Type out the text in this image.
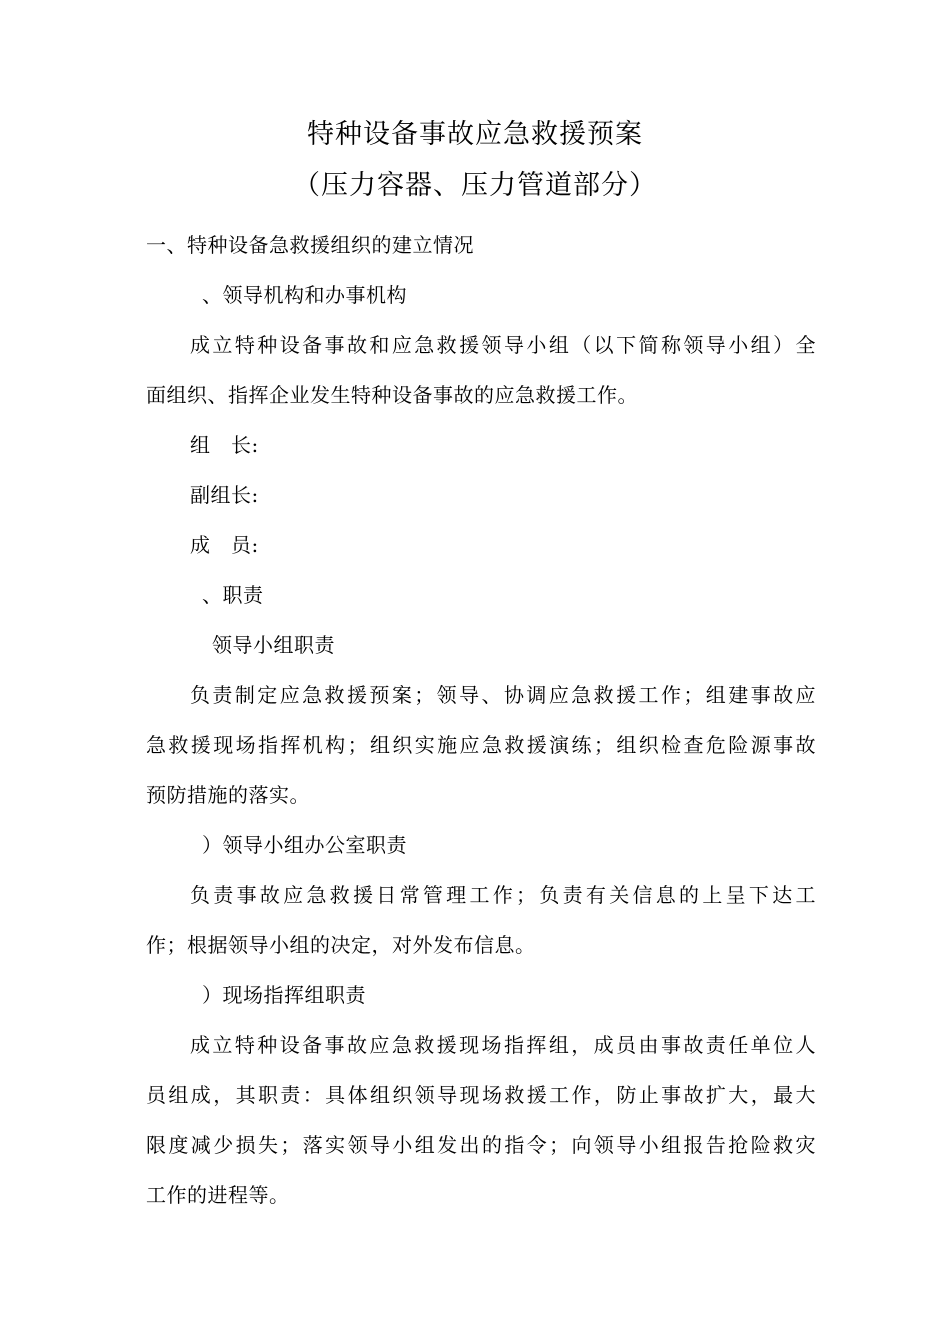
特种设备事故应急救援预案
（压力容器、压力管道部分）
一、特种设备急救援组织的建立情况
、领导机构和办事机构
成立特种设备事故和应急救援领导小组（以下简称领导小组）全
面组织、指挥企业发生特种设备事故的应急救援工作。
组　长:
副组长:
成　员:
、职责
领导小组职责
负责制定应急救援预案；领导、协调应急救援工作；组建事故应
急救援现场指挥机构；组织实施应急救援演练；组织检查危险源事故
预防措施的落实。
）领导小组办公室职责
负责事故应急救援日常管理工作；负责有关信息的上呈下达工
作；根据领导小组的决定，对外发布信息。
）现场指挥组职责
成立特种设备事故应急救援现场指挥组，成员由事故责任单位人
员组成，其职责：具体组织领导现场救援工作，防止事故扩大，最大
限度减少损失；落实领导小组发出的指令；向领导小组报告抢险救灾
工作的进程等。
